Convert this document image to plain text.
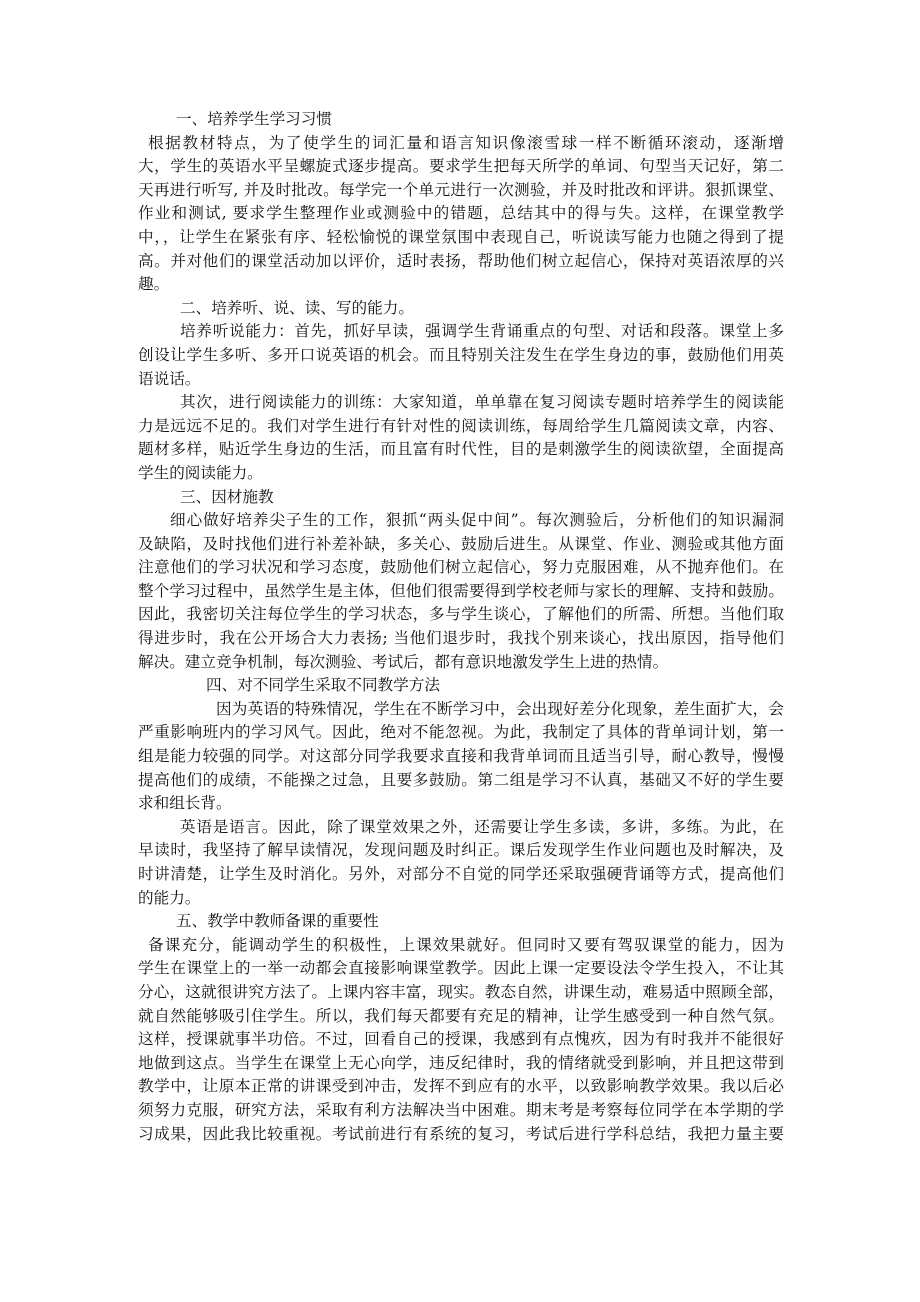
一、培养学生学习习惯

根据教材特点，为了使学生的词汇量和语言知识像滚雪球一样不断循环滚动，逐渐增

大，学生的英语水平呈螺旋式逐步提高。要求学生把每天所学的单词、句型当天记好，第二

天再进行听写, 并及时批改。每学完一个单元进行一次测验，并及时批改和评讲。狠抓课堂、

作业和测试, 要求学生整理作业或测验中的错题，总结其中的得与失。这样，在课堂教学

中，，让学生在紧张有序、轻松愉悦的课堂氛围中表现自己，听说读写能力也随之得到了提

高。并对他们的课堂活动加以评价，适时表扬，帮助他们树立起信心，保持对英语浓厚的兴

趣。

二、培养听、说、读、写的能力。

培养听说能力：首先，抓好早读，强调学生背诵重点的句型、对话和段落。课堂上多

创设让学生多听、多开口说英语的机会。而且特别关注发生在学生身边的事，鼓励他们用英

语说话。

其次，进行阅读能力的训练：大家知道，单单靠在复习阅读专题时培养学生的阅读能

力是远远不足的。我们对学生进行有针对性的阅读训练，每周给学生几篇阅读文章，内容、

题材多样，贴近学生身边的生活，而且富有时代性，目的是刺激学生的阅读欲望，全面提高

学生的阅读能力。

三、因材施教

细心做好培养尖子生的工作，狠抓“两头促中间”。每次测验后，分析他们的知识漏洞

及缺陷，及时找他们进行补差补缺，多关心、鼓励后进生。从课堂、作业、测验或其他方面

注意他们的学习状况和学习态度，鼓励他们树立起信心，努力克服困难，从不抛弃他们。在

整个学习过程中，虽然学生是主体，但他们很需要得到学校老师与家长的理解、支持和鼓励。

因此，我密切关注每位学生的学习状态，多与学生谈心，了解他们的所需、所想。当他们取

得进步时，我在公开场合大力表扬; 当他们退步时，我找个别来谈心，找出原因，指导他们

解决。建立竞争机制，每次测验、考试后，都有意识地激发学生上进的热情。

四、对不同学生采取不同教学方法

因为英语的特殊情况，学生在不断学习中，会出现好差分化现象，差生面扩大，会

严重影响班内的学习风气。因此，绝对不能忽视。为此，我制定了具体的背单词计划，第一

组是能力较强的同学。对这部分同学我要求直接和我背单词而且适当引导，耐心教导，慢慢

提高他们的成绩，不能操之过急，且要多鼓励。第二组是学习不认真，基础又不好的学生要

求和组长背。

英语是语言。因此，除了课堂效果之外，还需要让学生多读，多讲，多练。为此，在

早读时，我坚持了解早读情况，发现问题及时纠正。课后发现学生作业问题也及时解决，及

时讲清楚，让学生及时消化。另外，对部分不自觉的同学还采取强硬背诵等方式，提高他们

的能力。

五、教学中教师备课的重要性

备课充分，能调动学生的积极性，上课效果就好。但同时又要有驾驭课堂的能力，因为

学生在课堂上的一举一动都会直接影响课堂教学。因此上课一定要设法令学生投入，不让其

分心，这就很讲究方法了。上课内容丰富，现实。教态自然，讲课生动，难易适中照顾全部，

就自然能够吸引住学生。所以，我们每天都要有充足的精神，让学生感受到一种自然气氛。

这样，授课就事半功倍。不过，回看自己的授课，我感到有点愧疚，因为有时我并不能很好

地做到这点。当学生在课堂上无心向学，违反纪律时，我的情绪就受到影响，并且把这带到

教学中，让原本正常的讲课受到冲击，发挥不到应有的水平，以致影响教学效果。我以后必

须努力克服，研究方法，采取有利方法解决当中困难。期末考是考察每位同学在本学期的学

习成果，因此我比较重视。考试前进行有系统的复习，考试后进行学科总结，我把力量主要
